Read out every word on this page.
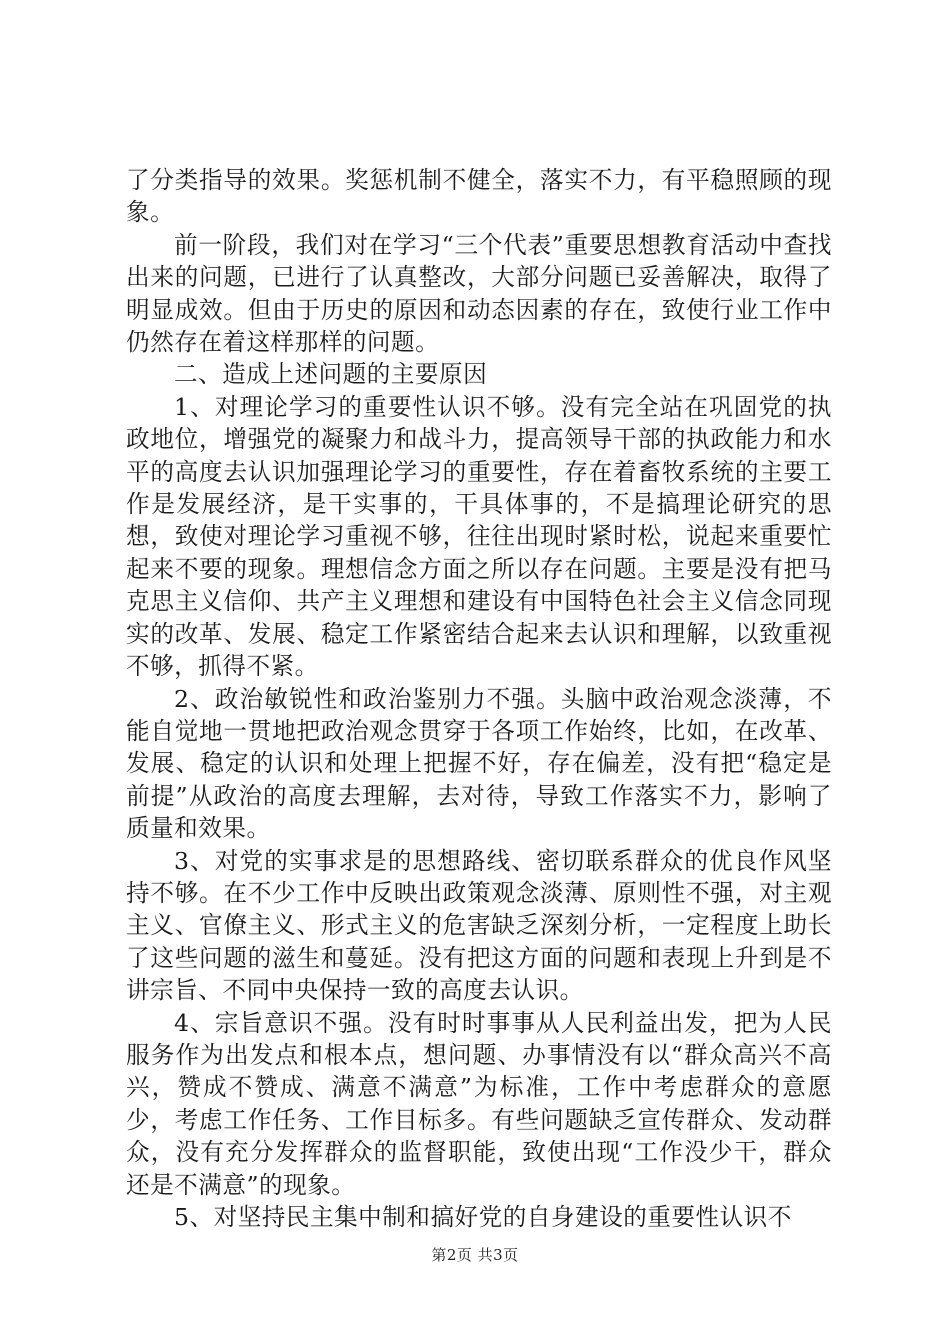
了分类指导的效果。奖惩机制不健全，落实不力，有平稳照顾的现象。

前一阶段，我们对在学习“三个代表”重要思想教育活动中查找出来的问题，已进行了认真整改，大部分问题已妥善解决，取得了明显成效。但由于历史的原因和动态因素的存在，致使行业工作中仍然存在着这样那样的问题。

二、造成上述问题的主要原因

1、对理论学习的重要性认识不够。没有完全站在巩固党的执政地位，增强党的凝聚力和战斗力，提高领导干部的执政能力和水平的高度去认识加强理论学习的重要性，存在着畜牧系统的主要工作是发展经济，是干实事的，干具体事的，不是搞理论研究的思想，致使对理论学习重视不够，往往出现时紧时松，说起来重要忙起来不要的现象。理想信念方面之所以存在问题。主要是没有把马克思主义信仰、共产主义理想和建设有中国特色社会主义信念同现实的改革、发展、稳定工作紧密结合起来去认识和理解，以致重视不够，抓得不紧。

2、政治敏锐性和政治鉴别力不强。头脑中政治观念淡薄，不能自觉地一贯地把政治观念贯穿于各项工作始终，比如，在改革、发展、稳定的认识和处理上把握不好，存在偏差，没有把“稳定是前提”从政治的高度去理解，去对待，导致工作落实不力，影响了质量和效果。

3、对党的实事求是的思想路线、密切联系群众的优良作风坚持不够。在不少工作中反映出政策观念淡薄、原则性不强，对主观主义、官僚主义、形式主义的危害缺乏深刻分析，一定程度上助长了这些问题的滋生和蔓延。没有把这方面的问题和表现上升到是不讲宗旨、不同中央保持一致的高度去认识。

4、宗旨意识不强。没有时时事事从人民利益出发，把为人民服务作为出发点和根本点，想问题、办事情没有以“群众高兴不高兴，赞成不赞成、满意不满意”为标准，工作中考虑群众的意愿少，考虑工作任务、工作目标多。有些问题缺乏宣传群众、发动群众，没有充分发挥群众的监督职能，致使出现“工作没少干，群众还是不满意”的现象。

5、对坚持民主集中制和搞好党的自身建设的重要性认识不

第2页 共3页
